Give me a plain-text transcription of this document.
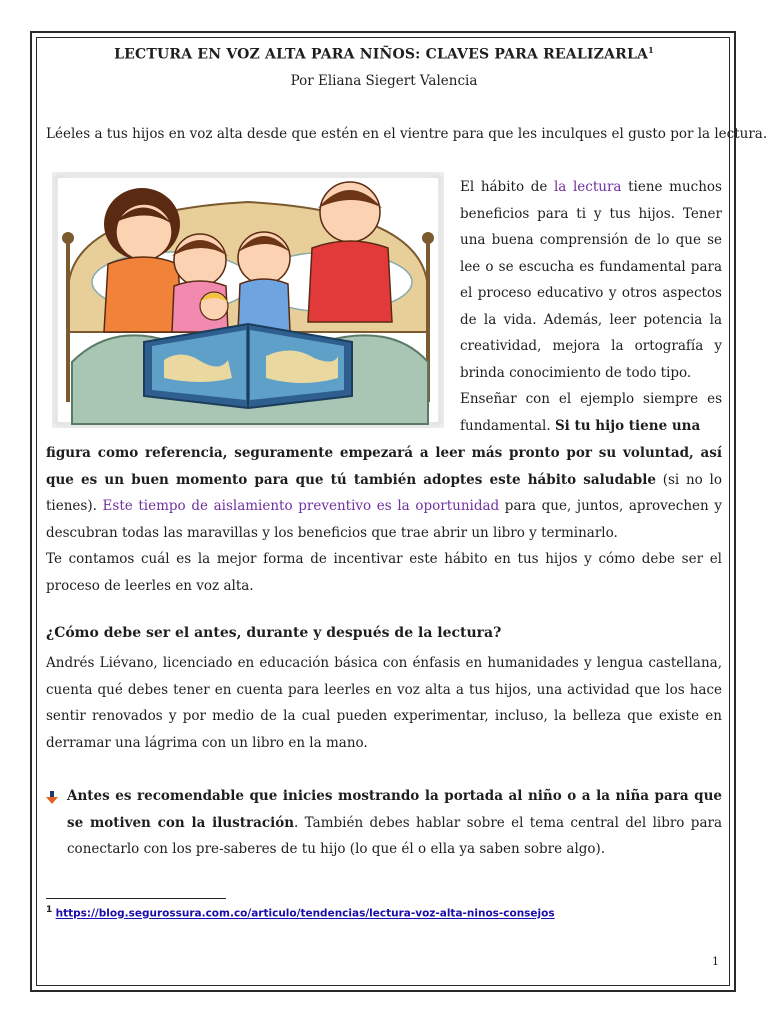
LECTURA EN VOZ ALTA PARA NIÑOS: CLAVES PARA REALIZARLA$^1$
Por Eliana Siegert Valencia
Léeles a tus hijos en voz alta desde que estén en el vientre para que les inculques el gusto por la lectura.

El hábito de la lectura tiene muchos beneficios para ti y tus hijos. Tener una buena comprensión de lo que se lee o se escucha es fundamental para el proceso educativo y otros aspectos de la vida. Además, leer potencia la creatividad, mejora la ortografía y brinda conocimiento de todo tipo.

Enseñar con el ejemplo siempre es fundamental. Si tu hijo tiene una

figura como referencia, seguramente empezará a leer más pronto por su voluntad, así que es un buen momento para que tú también adoptes este hábito saludable (si no lo tienes). Este tiempo de aislamiento preventivo es la oportunidad para que, juntos, aprovechen y descubran todas las maravillas y los beneficios que trae abrir un libro y terminarlo.

Te contamos cuál es la mejor forma de incentivar este hábito en tus hijos y cómo debe ser el proceso de leerles en voz alta.

¿Cómo debe ser el antes, durante y después de la lectura?
Andrés Liévano, licenciado en educación básica con énfasis en humanidades y lengua castellana, cuenta qué debes tener en cuenta para leerles en voz alta a tus hijos, una actividad que los hace sentir renovados y por medio de la cual pueden experimentar, incluso, la belleza que existe en derramar una lágrima con un libro en la mano.
Antes es recomendable que inicies mostrando la portada al niño o a la niña para que se motiven con la ilustración. También debes hablar sobre el tema central del libro para conectarlo con los pre-saberes de tu hijo (lo que él o ella ya saben sobre algo).
1 https://blog.segurossura.com.co/articulo/tendencias/lectura-voz-alta-ninos-consejos
1
